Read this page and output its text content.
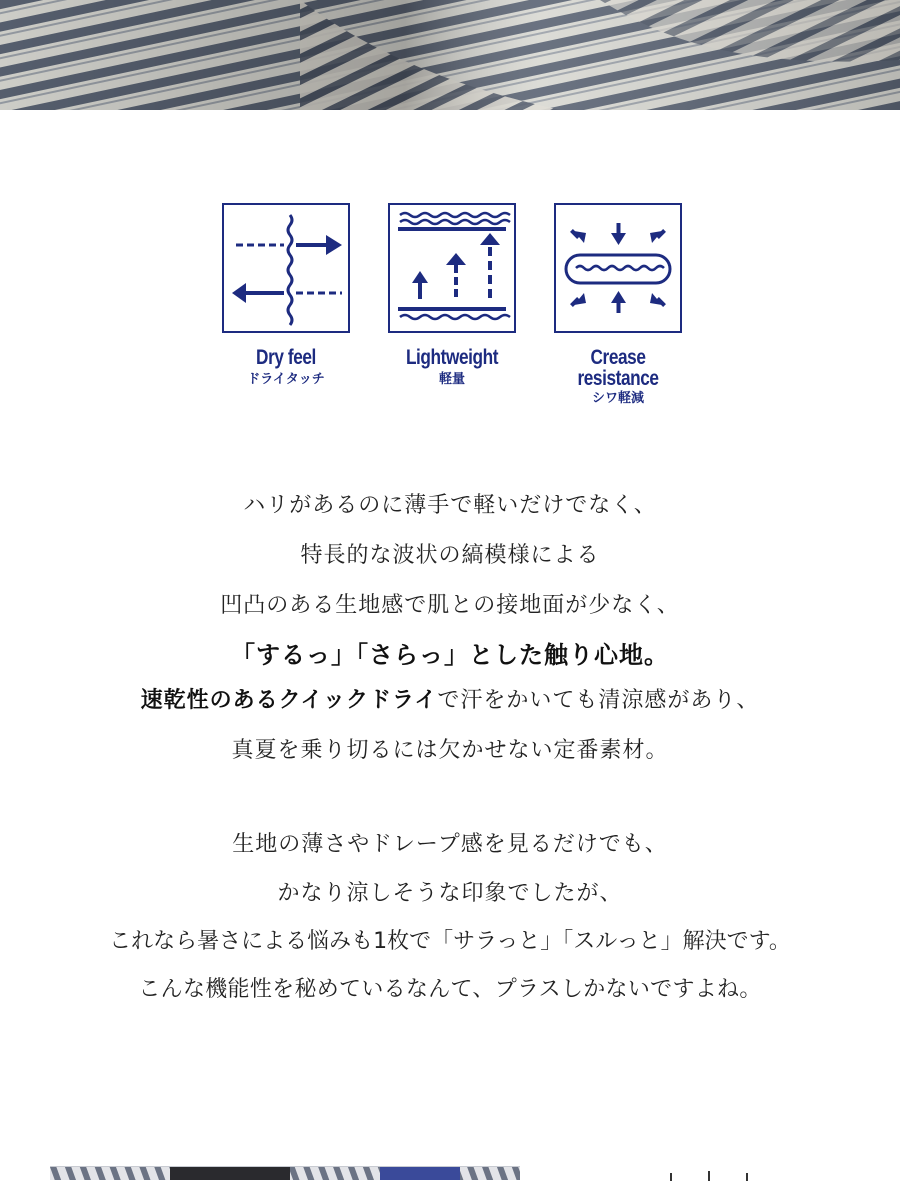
Dry feel
ドライタッチ
Lightweight
軽量
Crease
resistance
シワ軽減
ハリがあるのに薄手で軽いだけでなく、
特長的な波状の縞模様による
凹凸のある生地感で肌との接地面が少なく、
「するっ」「さらっ」とした触り心地。
速乾性のあるクイックドライで汗をかいても清涼感があり、
真夏を乗り切るには欠かせない定番素材。
生地の薄さやドレープ感を見るだけでも、
かなり涼しそうな印象でしたが、
これなら暑さによる悩みも1枚で「サラっと」「スルっと」解決です。
こんな機能性を秘めているなんて、プラスしかないですよね。
